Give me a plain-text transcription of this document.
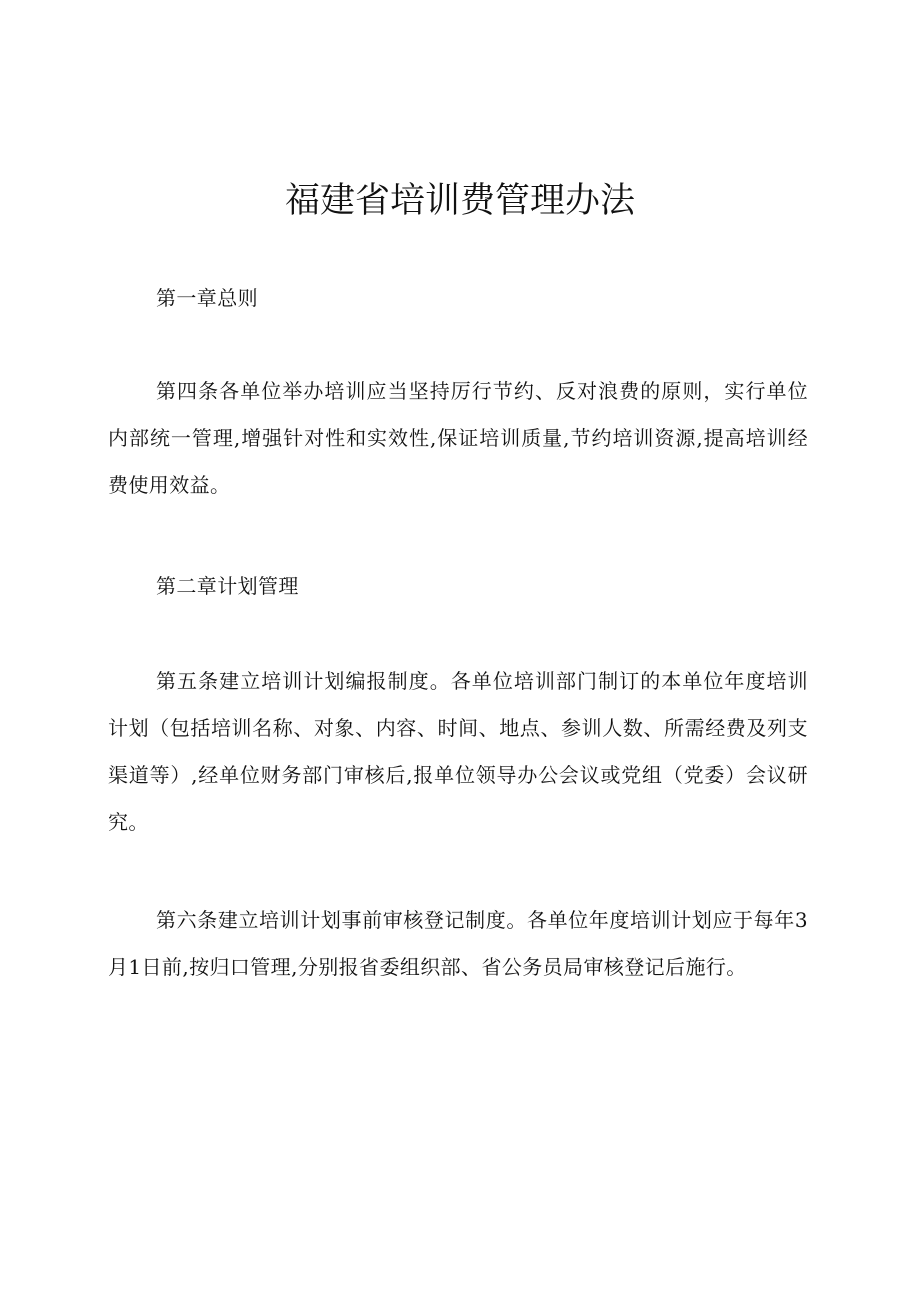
福建省培训费管理办法

第一章总则

第四条各单位举办培训应当坚持厉行节约、反对浪费的原则，实行单位内部统一管理,增强针对性和实效性,保证培训质量,节约培训资源,提高培训经费使用效益。

第二章计划管理

第五条建立培训计划编报制度。各单位培训部门制订的本单位年度培训计划（包括培训名称、对象、内容、时间、地点、参训人数、所需经费及列支渠道等）,经单位财务部门审核后,报单位领导办公会议或党组（党委）会议研究。

第六条建立培训计划事前审核登记制度。各单位年度培训计划应于每年3月1日前,按归口管理,分别报省委组织部、省公务员局审核登记后施行。
